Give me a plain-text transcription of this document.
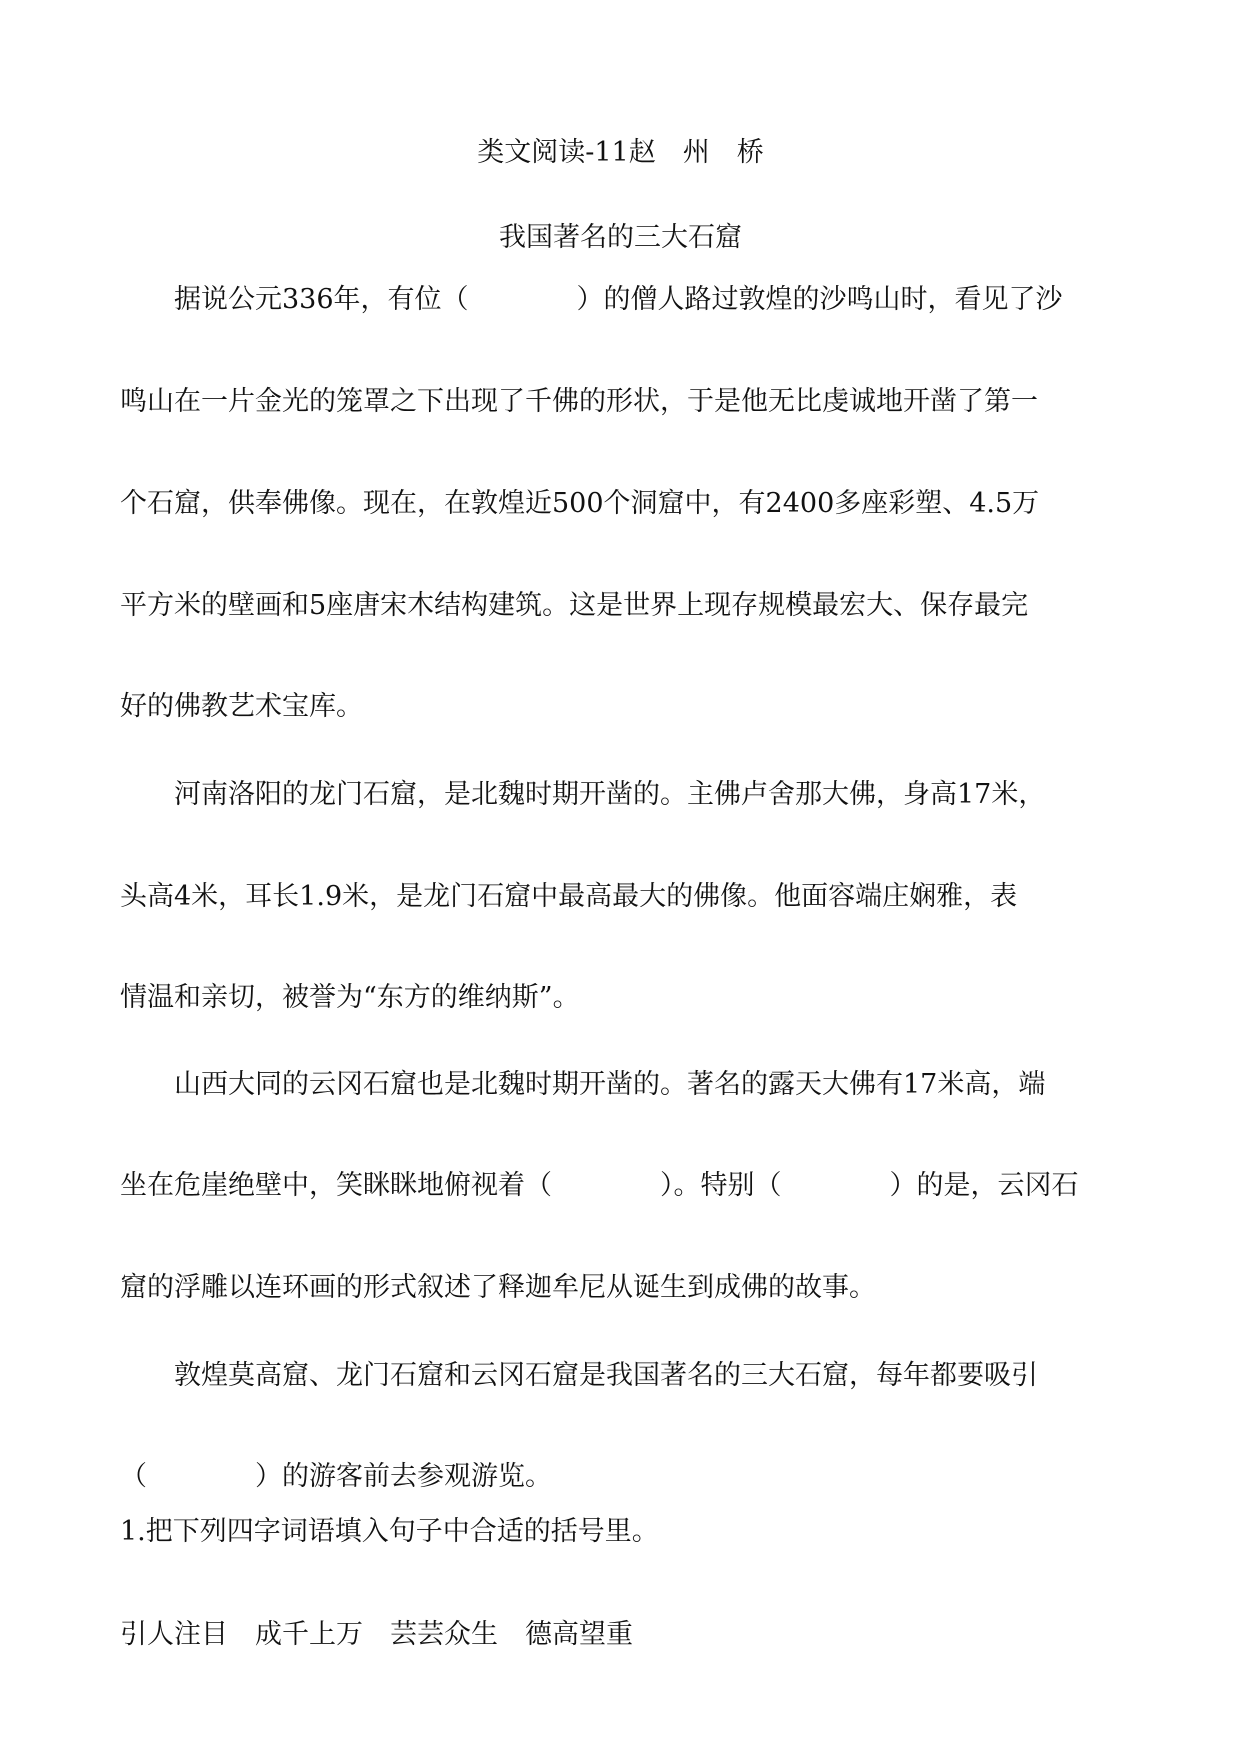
类文阅读-11赵　州　桥
我国著名的三大石窟
　　据说公元336年，有位（　　　　）的僧人路过敦煌的沙鸣山时，看见了沙
鸣山在一片金光的笼罩之下出现了千佛的形状，于是他无比虔诚地开凿了第一
个石窟，供奉佛像。现在，在敦煌近500个洞窟中，有2400多座彩塑、4.5万
平方米的壁画和5座唐宋木结构建筑。这是世界上现存规模最宏大、保存最完
好的佛教艺术宝库。
　　河南洛阳的龙门石窟，是北魏时期开凿的。主佛卢舍那大佛，身高17米，
头高4米，耳长1.9米，是龙门石窟中最高最大的佛像。他面容端庄娴雅，表
情温和亲切，被誉为“东方的维纳斯”。
　　山西大同的云冈石窟也是北魏时期开凿的。著名的露天大佛有17米高，端
坐在危崖绝壁中，笑眯眯地俯视着（　　　　）。特别（　　　　）的是，云冈石
窟的浮雕以连环画的形式叙述了释迦牟尼从诞生到成佛的故事。
　　敦煌莫高窟、龙门石窟和云冈石窟是我国著名的三大石窟，每年都要吸引
（　　　　）的游客前去参观游览。
1.把下列四字词语填入句子中合适的括号里。
引人注目　成千上万　芸芸众生　德高望重
